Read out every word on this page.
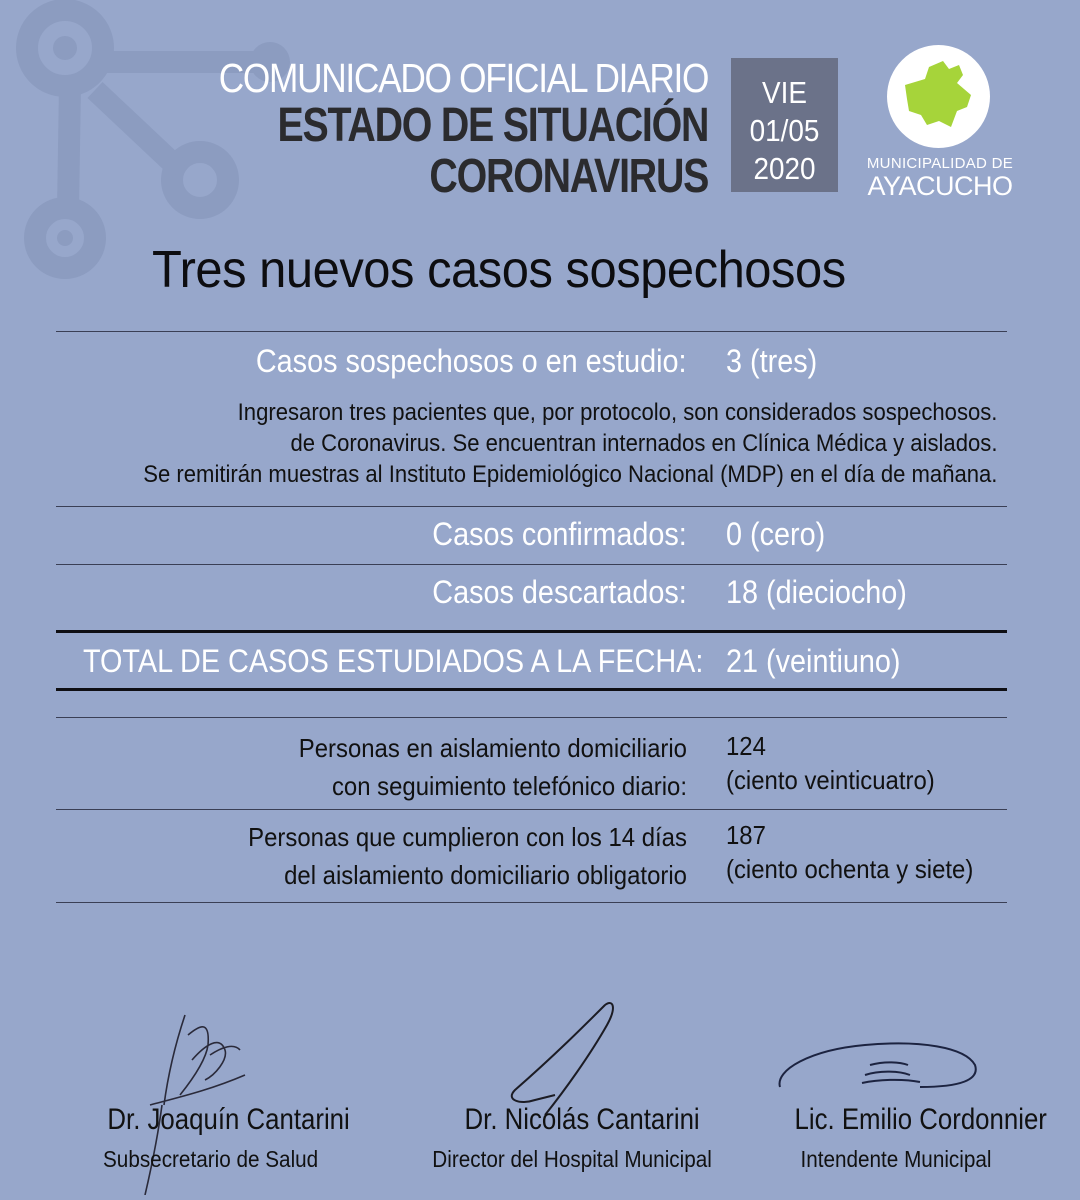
COMUNICADO OFICIAL DIARIO
ESTADO DE SITUACIÓN
CORONAVIRUS
VIE
01/05
2020	MUNICIPALIDAD DE
AYACUCHO
Tres nuevos casos sospechosos
Casos sospechosos o en estudio: 3 (tres)
Ingresaron tres pacientes que, por protocolo, son considerados sospechosos.
de Coronavirus. Se encuentran internados en Clínica Médica y aislados.
Se remitirán muestras al Instituto Epidemiológico Nacional (MDP) en el día de mañana.
Casos confirmados: 0 (cero)
Casos descartados: 18 (dieciocho)
TOTAL DE CASOS ESTUDIADOS A LA FECHA: 21 (veintiuno)
Personas en aislamiento domiciliario
con seguimiento telefónico diario:
124
(ciento veinticuatro)
Personas que cumplieron con los 14 días
del aislamiento domiciliario obligatorio
187
(ciento ochenta y siete)
Dr. Joaquín Cantarini
Subsecretario de Salud
Dr. Nicolás Cantarini
Director del Hospital Municipal
Lic. Emilio Cordonnier
Intendente Municipal
